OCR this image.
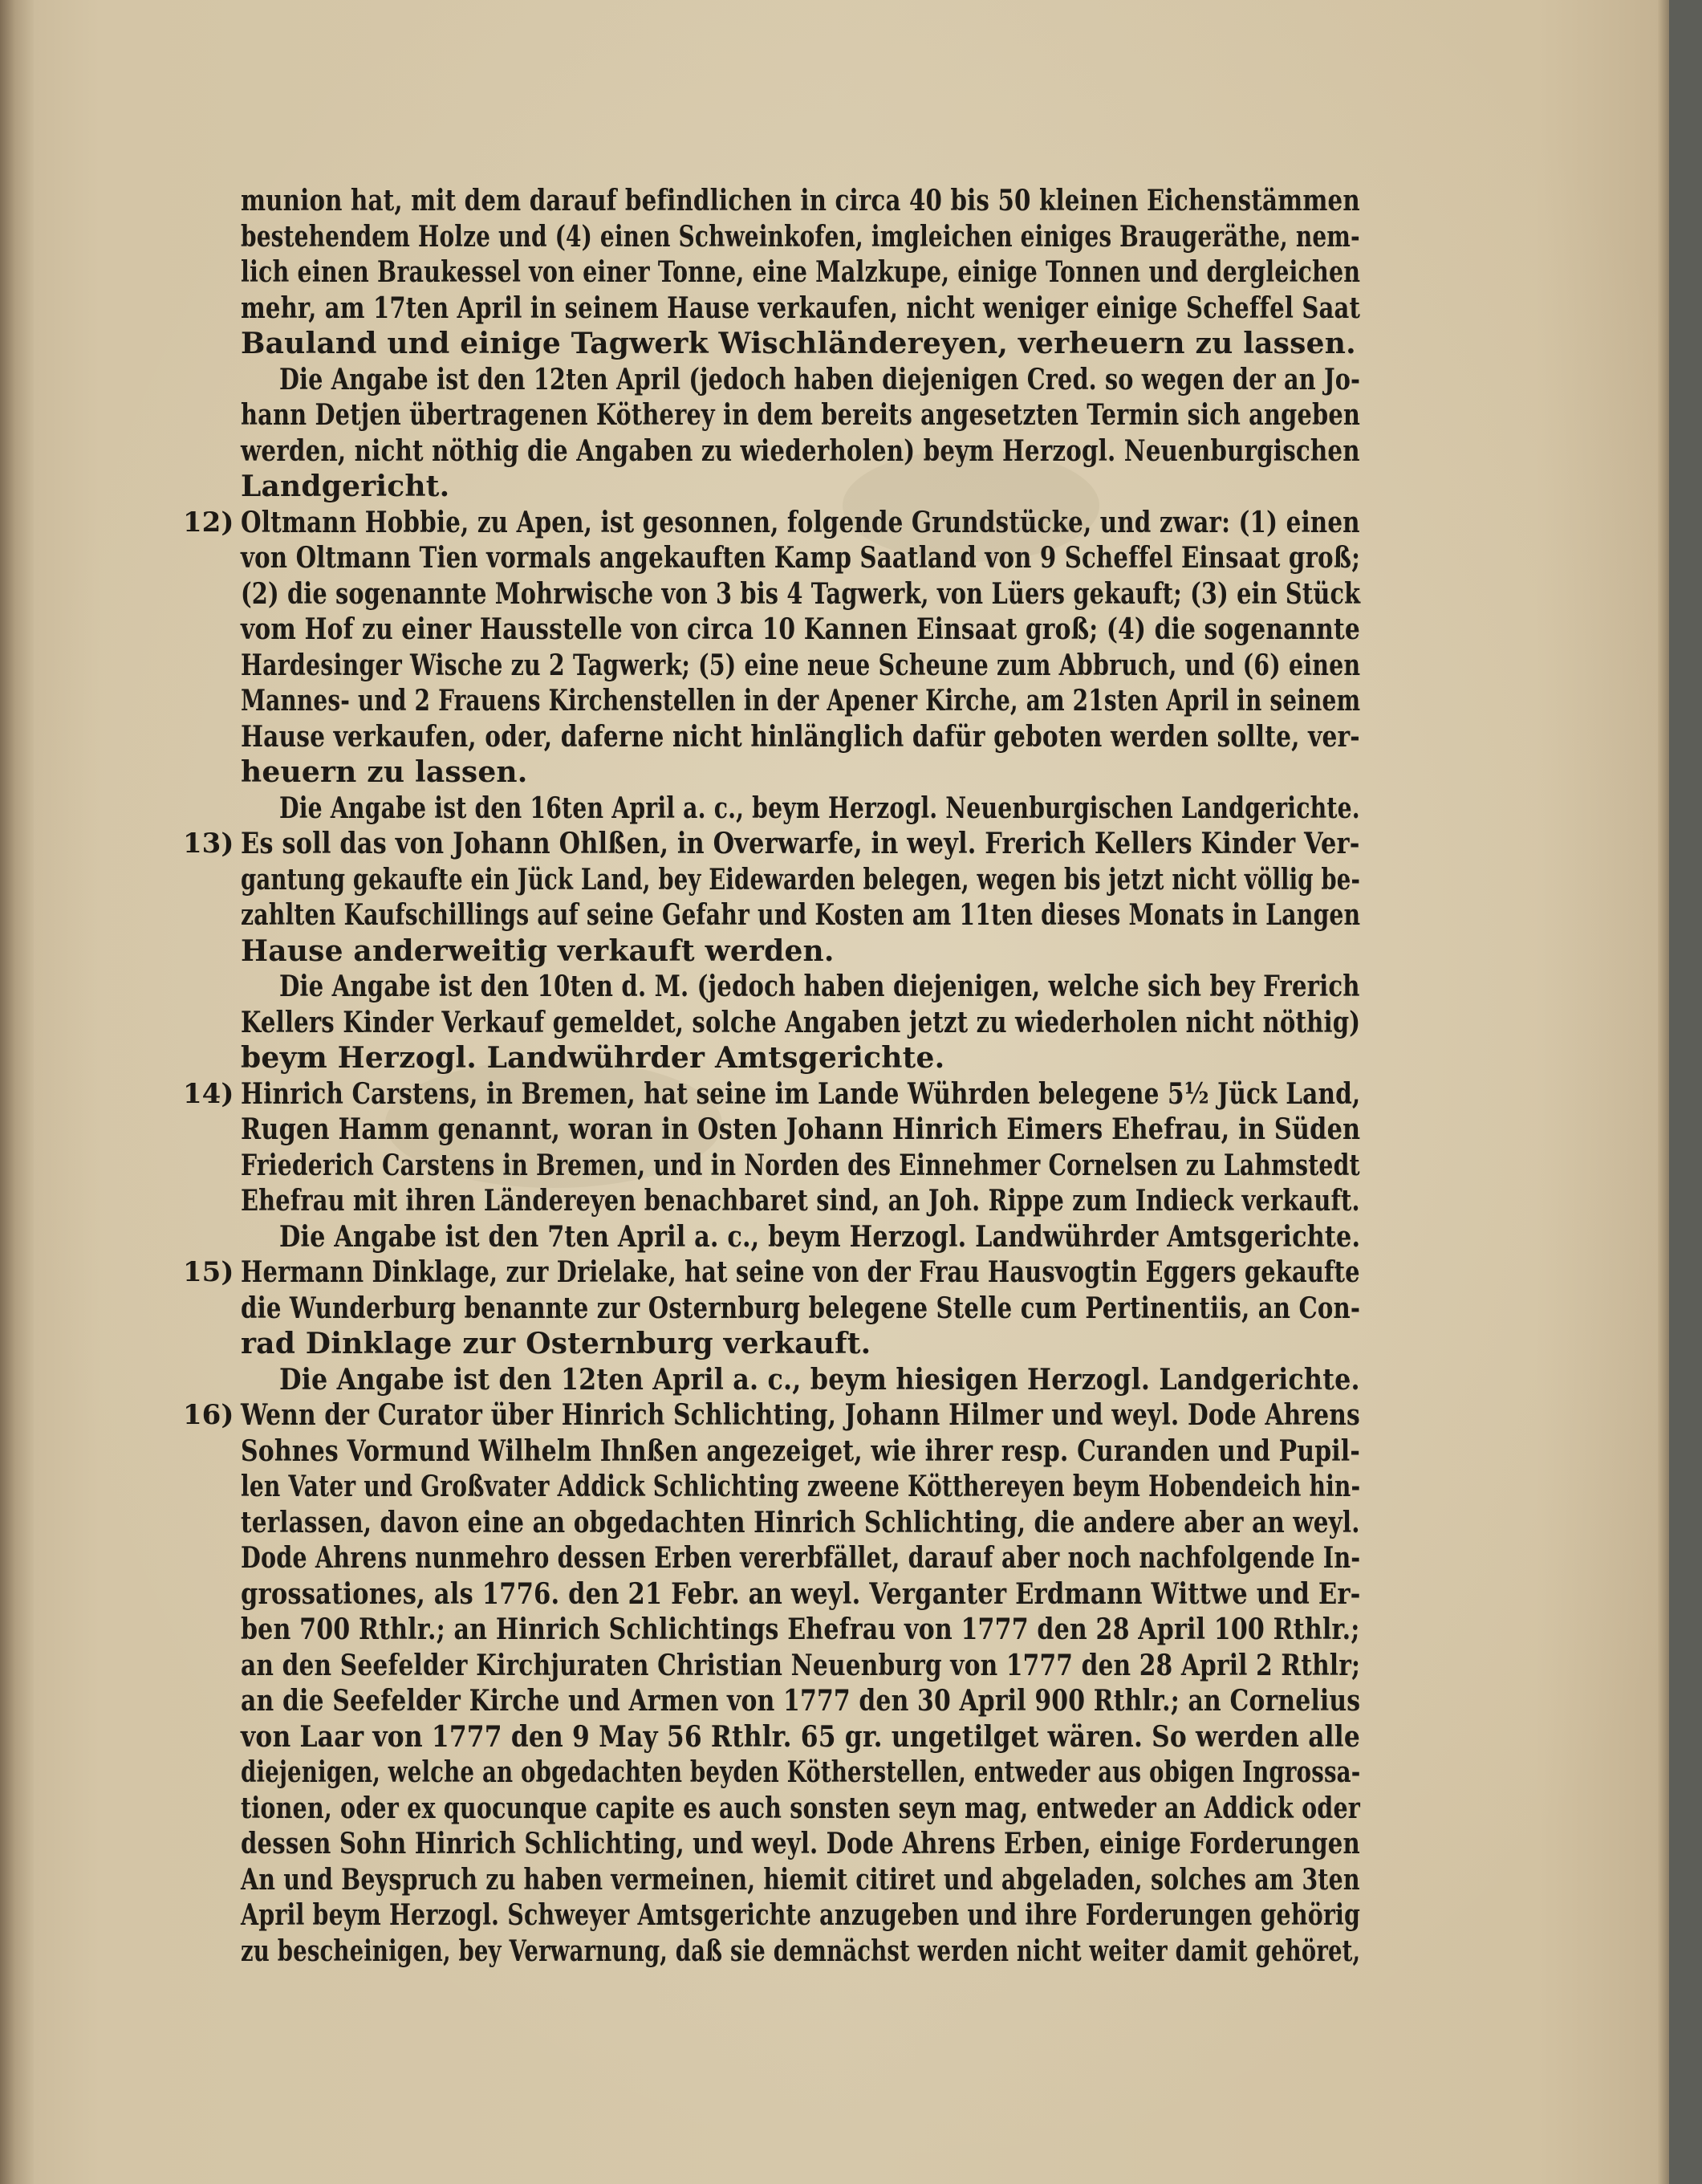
munion hat, mit dem darauf befindlichen in circa 40 bis 50 kleinen Eichenstämmen
bestehendem Holze und (4) einen Schweinkofen, imgleichen einiges Braugeräthe, nem-
lich einen Braukessel von einer Tonne, eine Malzkupe, einige Tonnen und dergleichen
mehr, am 17ten April in seinem Hause verkaufen, nicht weniger einige Scheffel Saat
Bauland und einige Tagwerk Wischländereyen, verheuern zu lassen.
Die Angabe ist den 12ten April (jedoch haben diejenigen Cred. so wegen der an Jo-
hann Detjen übertragenen Kötherey in dem bereits angesetzten Termin sich angeben
werden, nicht nöthig die Angaben zu wiederholen) beym Herzogl. Neuenburgischen
Landgericht.
Oltmann Hobbie, zu Apen, ist gesonnen, folgende Grundstücke, und zwar: (1) einen
12)
von Oltmann Tien vormals angekauften Kamp Saatland von 9 Scheffel Einsaat groß;
(2) die sogenannte Mohrwische von 3 bis 4 Tagwerk, von Lüers gekauft; (3) ein Stück
vom Hof zu einer Hausstelle von circa 10 Kannen Einsaat groß; (4) die sogenannte
Hardesinger Wische zu 2 Tagwerk; (5) eine neue Scheune zum Abbruch, und (6) einen
Mannes- und 2 Frauens Kirchenstellen in der Apener Kirche, am 21sten April in seinem
Hause verkaufen, oder, daferne nicht hinlänglich dafür geboten werden sollte, ver-
heuern zu lassen.
Die Angabe ist den 16ten April a. c., beym Herzogl. Neuenburgischen Landgerichte.
Es soll das von Johann Ohlßen, in Overwarfe, in weyl. Frerich Kellers Kinder Ver-
13)
gantung gekaufte ein Jück Land, bey Eidewarden belegen, wegen bis jetzt nicht völlig be-
zahlten Kaufschillings auf seine Gefahr und Kosten am 11ten dieses Monats in Langen
Hause anderweitig verkauft werden.
Die Angabe ist den 10ten d. M. (jedoch haben diejenigen, welche sich bey Frerich
Kellers Kinder Verkauf gemeldet, solche Angaben jetzt zu wiederholen nicht nöthig)
beym Herzogl. Landwührder Amtsgerichte.
Hinrich Carstens, in Bremen, hat seine im Lande Wührden belegene 5½ Jück Land,
14)
Rugen Hamm genannt, woran in Osten Johann Hinrich Eimers Ehefrau, in Süden
Friederich Carstens in Bremen, und in Norden des Einnehmer Cornelsen zu Lahmstedt
Ehefrau mit ihren Ländereyen benachbaret sind, an Joh. Rippe zum Indieck verkauft.
Die Angabe ist den 7ten April a. c., beym Herzogl. Landwührder Amtsgerichte.
Hermann Dinklage, zur Drielake, hat seine von der Frau Hausvogtin Eggers gekaufte
15)
die Wunderburg benannte zur Osternburg belegene Stelle cum Pertinentiis, an Con-
rad Dinklage zur Osternburg verkauft.
Die Angabe ist den 12ten April a. c., beym hiesigen Herzogl. Landgerichte.
Wenn der Curator über Hinrich Schlichting, Johann Hilmer und weyl. Dode Ahrens
16)
Sohnes Vormund Wilhelm Ihnßen angezeiget, wie ihrer resp. Curanden und Pupil-
len Vater und Großvater Addick Schlichting zweene Kötthereyen beym Hobendeich hin-
terlassen, davon eine an obgedachten Hinrich Schlichting, die andere aber an weyl.
Dode Ahrens nunmehro dessen Erben vererbfället, darauf aber noch nachfolgende In-
grossationes, als 1776. den 21 Febr. an weyl. Verganter Erdmann Wittwe und Er-
ben 700 Rthlr.; an Hinrich Schlichtings Ehefrau von 1777 den 28 April 100 Rthlr.;
an den Seefelder Kirchjuraten Christian Neuenburg von 1777 den 28 April 2 Rthlr;
an die Seefelder Kirche und Armen von 1777 den 30 April 900 Rthlr.; an Cornelius
von Laar von 1777 den 9 May 56 Rthlr. 65 gr. ungetilget wären. So werden alle
diejenigen, welche an obgedachten beyden Kötherstellen, entweder aus obigen Ingrossa-
tionen, oder ex quocunque capite es auch sonsten seyn mag, entweder an Addick oder
dessen Sohn Hinrich Schlichting, und weyl. Dode Ahrens Erben, einige Forderungen
An und Beyspruch zu haben vermeinen, hiemit citiret und abgeladen, solches am 3ten
April beym Herzogl. Schweyer Amtsgerichte anzugeben und ihre Forderungen gehörig
zu bescheinigen, bey Verwarnung, daß sie demnächst werden nicht weiter damit gehöret,
